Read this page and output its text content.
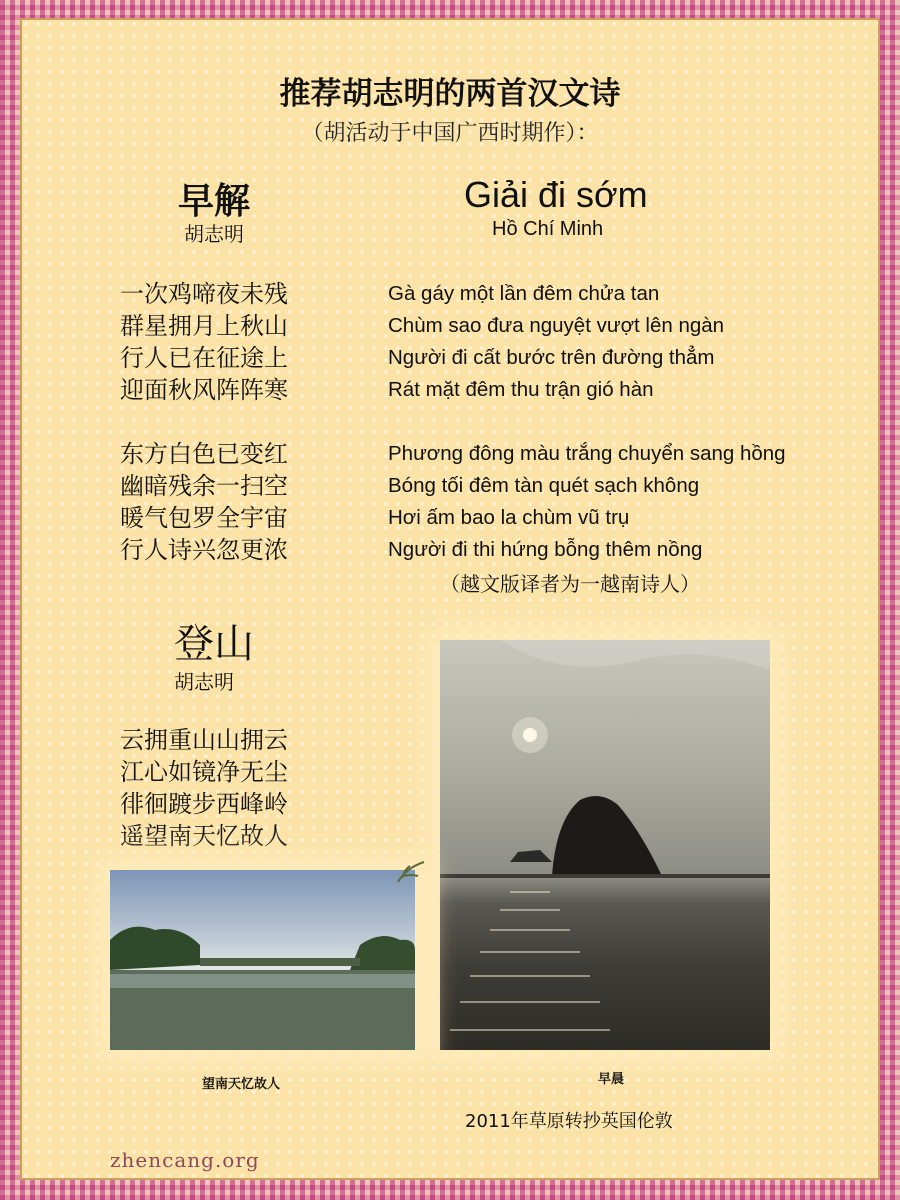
推荐胡志明的两首汉文诗
（胡活动于中国广西时期作）：
早解
胡志明
一次鸡啼夜未残
群星拥月上秋山
行人已在征途上
迎面秋风阵阵寒

东方白色已变红
幽暗残余一扫空
暖气包罗全宇宙
行人诗兴忽更浓
Giải đi sớm
Hồ Chí Minh
Gà gáy một lần đêm chửa tan
Chùm sao đưa nguyệt vượt lên ngàn
Người đi cất bước trên đường thẳm
Rát mặt đêm thu trận gió hàn

Phương đông màu trắng chuyển sang hồng
Bóng tối đêm tàn quét sạch không
Hơi ấm bao la chùm vũ trụ
Người đi thi hứng bỗng thêm nồng
（越文版译者为一越南诗人）
登山
胡志明
云拥重山山拥云
江心如镜净无尘
徘徊踱步西峰岭
遥望南天忆故人
望南天忆故人	早晨
2011年草原转抄英国伦敦
zhencang.org
